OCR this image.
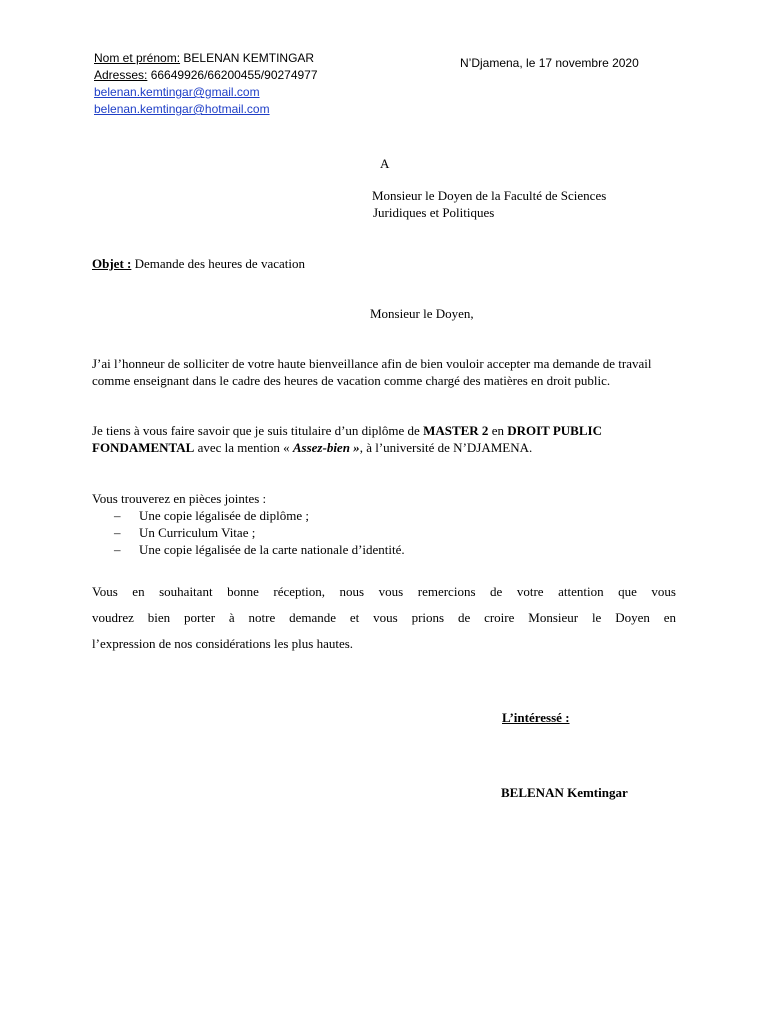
Nom et prénom: BELENAN KEMTINGAR
Adresses: 66649926/66200455/90274977
belenan.kemtingar@gmail.com
belenan.kemtingar@hotmail.com
N’Djamena, le 17 novembre 2020
A
Monsieur le Doyen de la Faculté de Sciences
Juridiques et Politiques
Objet : Demande des heures de vacation
Monsieur le Doyen,
J’ai l’honneur de solliciter de votre haute bienveillance afin de bien vouloir accepter ma demande de travail comme enseignant dans le cadre des heures de vacation comme chargé des matières en droit public.
Je tiens à vous faire savoir que je suis titulaire d’un diplôme de MASTER 2 en DROIT PUBLIC FONDAMENTAL avec la mention « Assez-bien », à l’université de N’DJAMENA.
Vous trouverez en pièces jointes :
– Une copie légalisée de diplôme ;
– Un Curriculum Vitae ;
– Une copie légalisée de la carte nationale d’identité.
Vous en souhaitant bonne réception, nous vous remercions de votre attention que vous
voudrez bien porter à notre demande et vous prions de croire Monsieur le Doyen en
l’expression de nos considérations les plus hautes.
L’intéressé :
BELENAN Kemtingar
